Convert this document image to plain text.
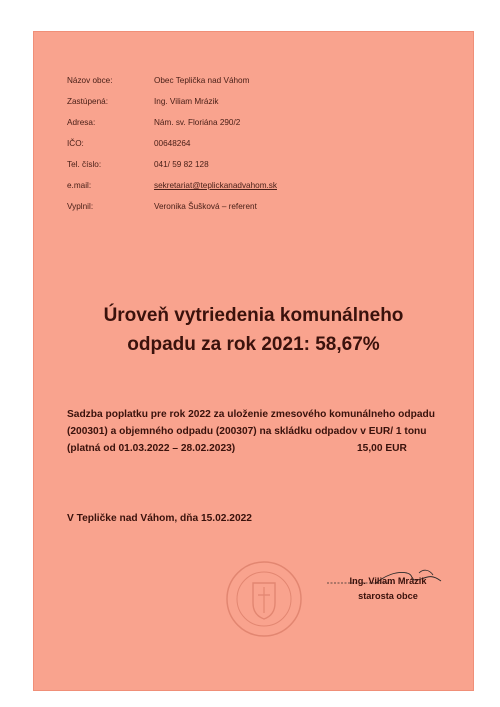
Názov obce:	Obec Teplička nad Váhom
Zastúpená:	Ing. Viliam Mrázik
Adresa:	Nám. sv. Floriána 290/2
IČO:	00648264
Tel. číslo:	041/ 59 82 128
e.mail:	sekretariat@teplickanadvahom.sk
Vyplnil:	Veronika Šušková – referent
Úroveň vytriedenia komunálneho
odpadu za rok 2021: 58,67%
Sadzba poplatku pre rok 2022 za uloženie zmesového komunálneho odpadu
(200301) a objemného odpadu (200307) na skládku odpadov v EUR/ 1 tonu
(platná od 01.03.2022 – 28.02.2023)	15,00 EUR
V Tepličke nad Váhom, dňa 15.02.2022
Ing. Viliam Mrázik
starosta obce
